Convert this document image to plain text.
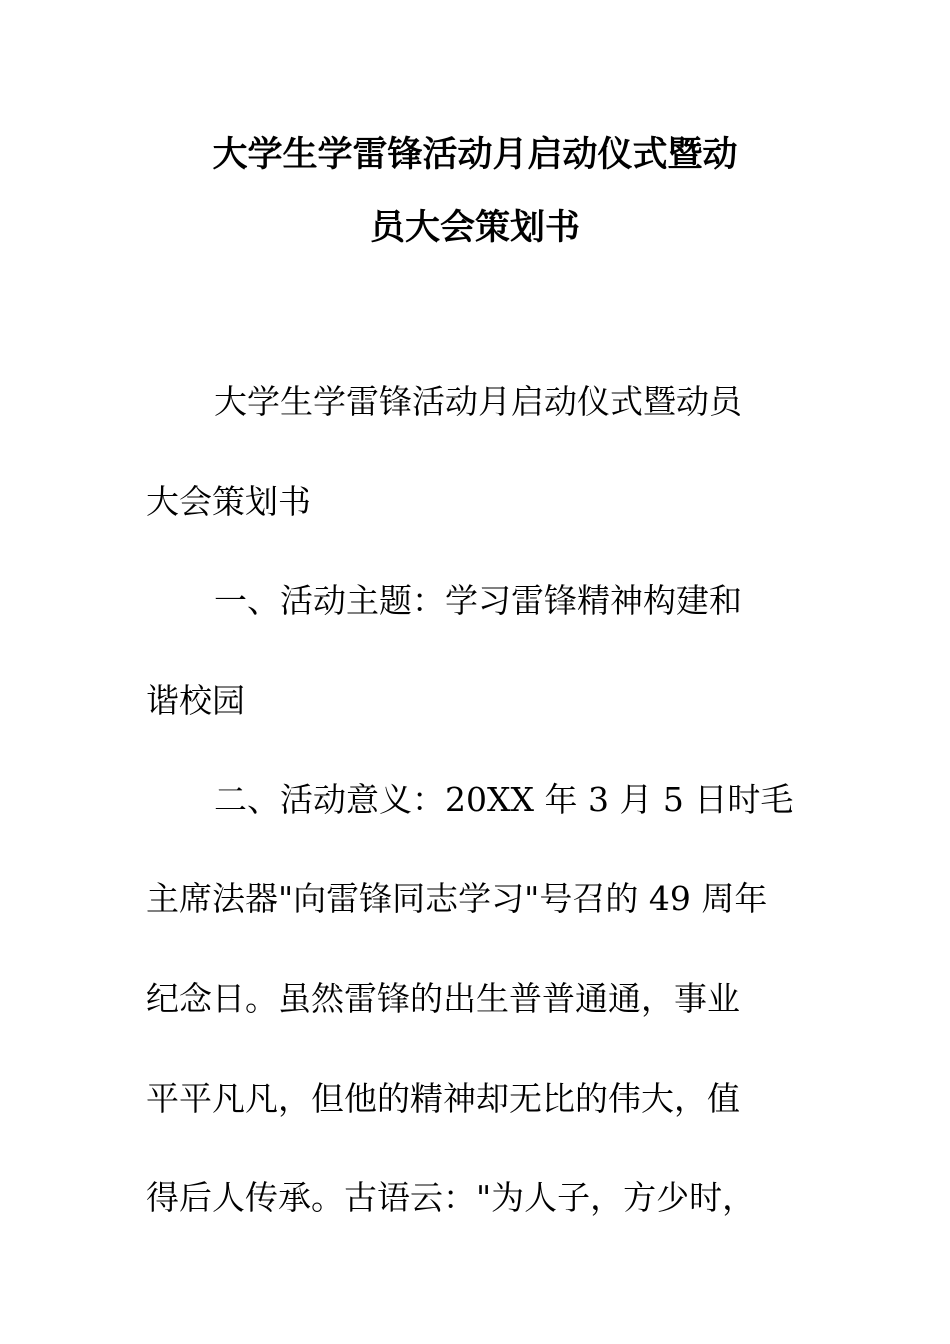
大学生学雷锋活动月启动仪式暨动
员大会策划书
大学生学雷锋活动月启动仪式暨动员
大会策划书
一、活动主题：学习雷锋精神构建和
谐校园
二、活动意义：20XX 年 3 月 5 日时毛
主席法器"向雷锋同志学习"号召的 49 周年
纪念日。虽然雷锋的出生普普通通，事业
平平凡凡，但他的精神却无比的伟大，值
得后人传承。古语云："为人子，方少时，
